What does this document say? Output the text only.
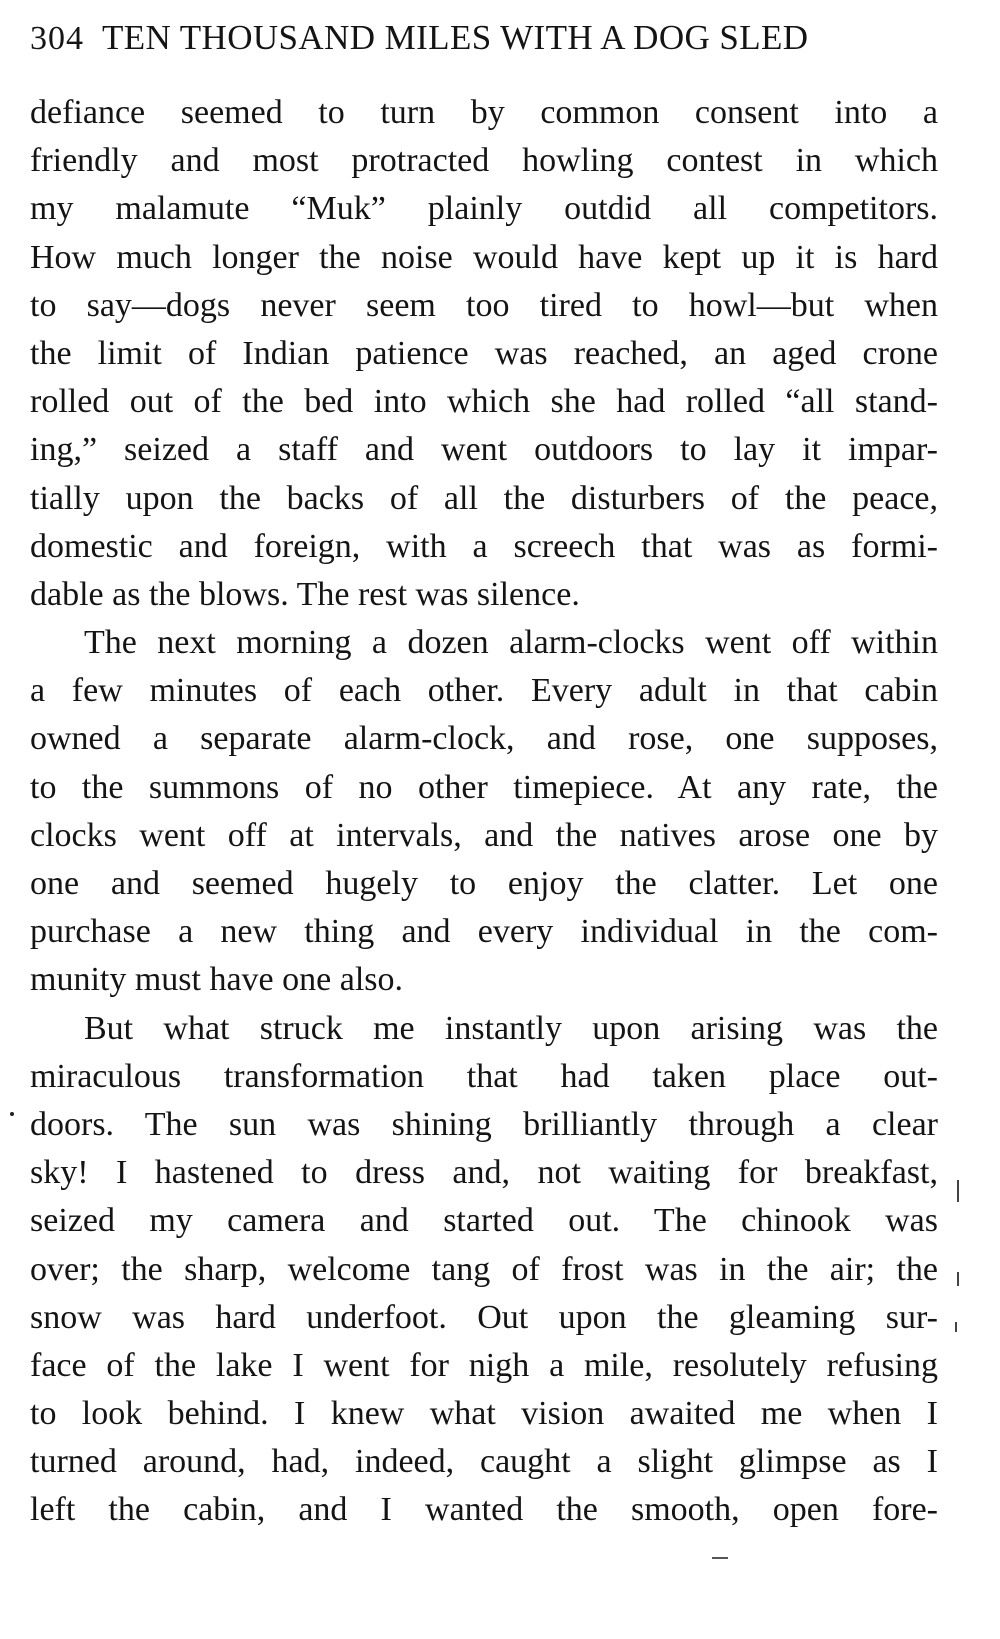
304 TEN THOUSAND MILES WITH A DOG SLED
defiance seemed to turn by common consent into a
friendly and most protracted howling contest in which
my malamute “Muk” plainly outdid all competitors.
How much longer the noise would have kept up it is hard
to say—dogs never seem too tired to howl—but when
the limit of Indian patience was reached, an aged crone
rolled out of the bed into which she had rolled “all stand-
ing,” seized a staff and went outdoors to lay it impar-
tially upon the backs of all the disturbers of the peace,
domestic and foreign, with a screech that was as formi-
dable as the blows. The rest was silence.
The next morning a dozen alarm-clocks went off within
a few minutes of each other. Every adult in that cabin
owned a separate alarm-clock, and rose, one supposes,
to the summons of no other timepiece. At any rate, the
clocks went off at intervals, and the natives arose one by
one and seemed hugely to enjoy the clatter. Let one
purchase a new thing and every individual in the com-
munity must have one also.
But what struck me instantly upon arising was the
miraculous transformation that had taken place out-
doors. The sun was shining brilliantly through a clear
sky! I hastened to dress and, not waiting for breakfast,
seized my camera and started out. The chinook was
over; the sharp, welcome tang of frost was in the air; the
snow was hard underfoot. Out upon the gleaming sur-
face of the lake I went for nigh a mile, resolutely refusing
to look behind. I knew what vision awaited me when I
turned around, had, indeed, caught a slight glimpse as I
left the cabin, and I wanted the smooth, open fore-
